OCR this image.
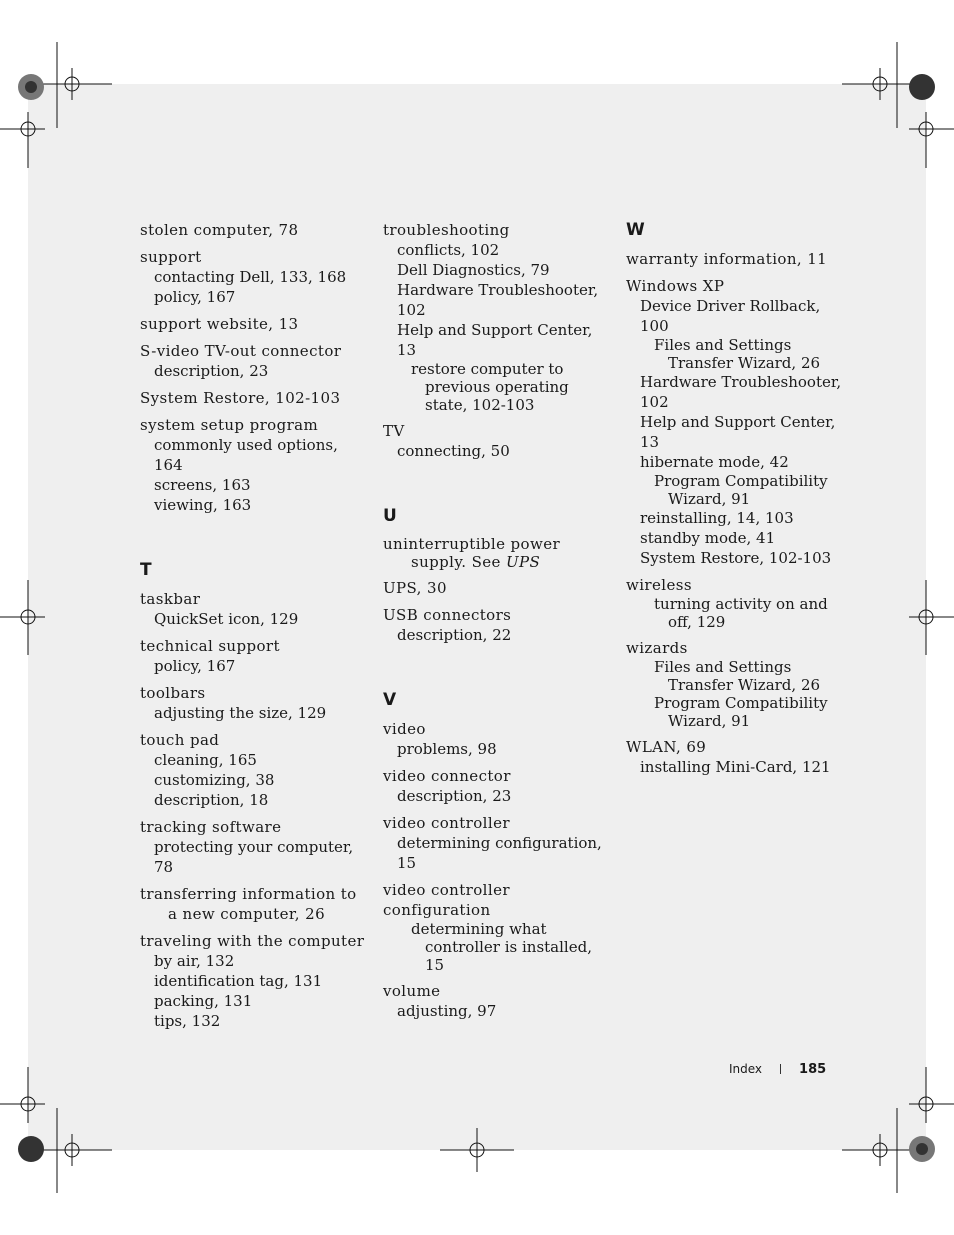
stolen computer, 78
support
contacting Dell, 133, 168
policy, 167
support website, 13
S-video TV-out connector
description, 23
System Restore, 102-103
system setup program
commonly used options, 164
screens, 163
viewing, 163
T
taskbar
QuickSet icon, 129
technical support
policy, 167
toolbars
adjusting the size, 129
touch pad
cleaning, 165
customizing, 38
description, 18
tracking software
protecting your computer, 78
transferring information to a new computer, 26
traveling with the computer
by air, 132
identification tag, 131
packing, 131
tips, 132
troubleshooting
conflicts, 102
Dell Diagnostics, 79
Hardware Troubleshooter, 102
Help and Support Center, 13
restore computer to previous operating state, 102-103
TV
connecting, 50
U
uninterruptible power supply. See UPS
UPS, 30
USB connectors
description, 22
V
video
problems, 98
video connector
description, 23
video controller
determining configuration, 15
video controller configuration
determining what controller is installed, 15
volume
adjusting, 97
W
warranty information, 11
Windows XP
Device Driver Rollback, 100
Files and Settings Transfer Wizard, 26
Hardware Troubleshooter, 102
Help and Support Center, 13
hibernate mode, 42
Program Compatibility Wizard, 91
reinstalling, 14, 103
standby mode, 41
System Restore, 102-103
wireless
turning activity on and off, 129
wizards
Files and Settings Transfer Wizard, 26
Program Compatibility Wizard, 91
WLAN, 69
installing Mini-Card, 121
Index	185
